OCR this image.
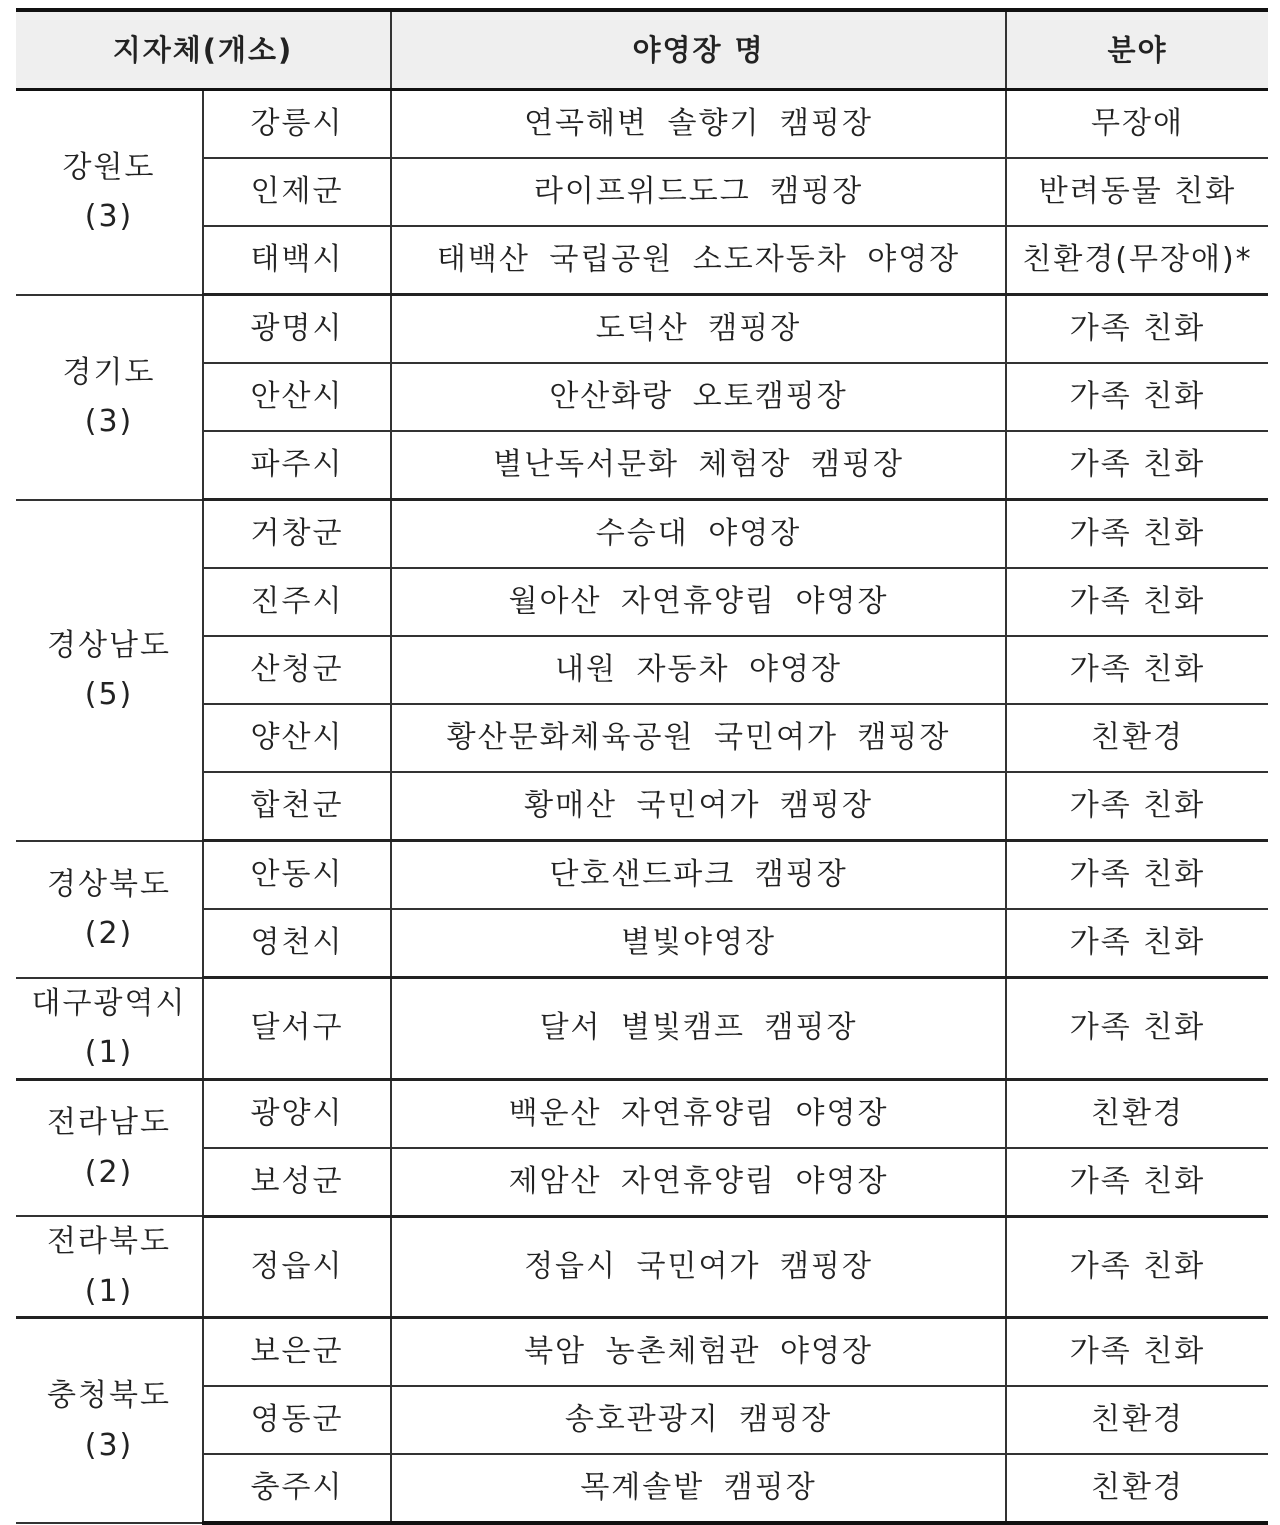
지자체(개소)		야영장 명	분야

강원도
(3)	강릉시	연곡해변 솔향기 캠핑장	무장애
	인제군	라이프위드도그 캠핑장	반려동물 친화
	태백시	태백산 국립공원 소도자동차 야영장	친환경(무장애)*

경기도
(3)	광명시	도덕산 캠핑장	가족 친화
	안산시	안산화랑 오토캠핑장	가족 친화
	파주시	별난독서문화 체험장 캠핑장	가족 친화

경상남도
(5)	거창군	수승대 야영장	가족 친화
	진주시	월아산 자연휴양림 야영장	가족 친화
	산청군	내원 자동차 야영장	가족 친화
	양산시	황산문화체육공원 국민여가 캠핑장	친환경
	합천군	황매산 국민여가 캠핑장	가족 친화

경상북도
(2)	안동시	단호샌드파크 캠핑장	가족 친화
	영천시	별빛야영장	가족 친화

대구광역시
(1)	달서구	달서 별빛캠프 캠핑장	가족 친화

전라남도
(2)	광양시	백운산 자연휴양림 야영장	친환경
	보성군	제암산 자연휴양림 야영장	가족 친화

전라북도
(1)	정읍시	정읍시 국민여가 캠핑장	가족 친화

충청북도
(3)	보은군	북암 농촌체험관 야영장	가족 친화
	영동군	송호관광지 캠핑장	친환경
	충주시	목계솔밭 캠핑장	친환경
